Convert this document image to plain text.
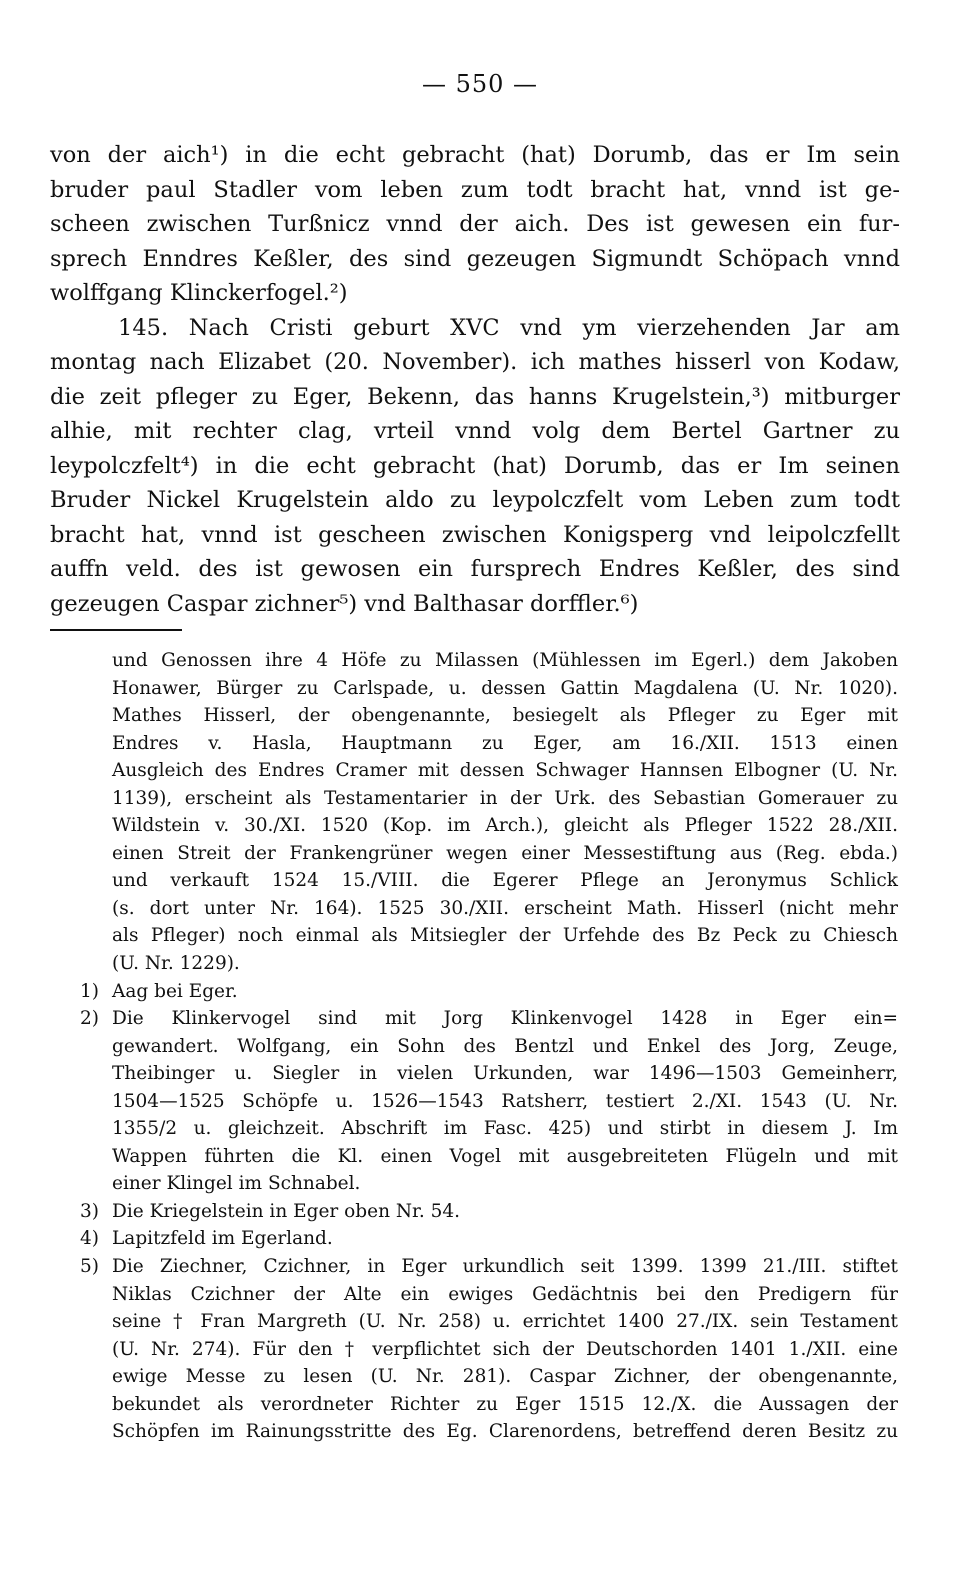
— 550 —
von der aich¹) in die echt gebracht (hat) Dorumb, das er Im sein
bruder paul Stadler vom leben zum todt bracht hat, vnnd ist ge-
scheen zwischen Turßnicz vnnd der aich. Des ist gewesen ein fur-
sprech Enndres Keßler, des sind gezeugen Sigmundt Schöpach vnnd
wolffgang Klinckerfogel.²)
145. Nach Cristi geburt XVC vnd ym vierzehenden Jar am
montag nach Elizabet (20. November). ich mathes hisserl von Kodaw,
die zeit pfleger zu Eger, Bekenn, das hanns Krugelstein,³) mitburger
alhie, mit rechter clag, vrteil vnnd volg dem Bertel Gartner zu
leypolczfelt⁴) in die echt gebracht (hat) Dorumb, das er Im seinen
Bruder Nickel Krugelstein aldo zu leypolczfelt vom Leben zum todt
bracht hat, vnnd ist gescheen zwischen Konigsperg vnd leipolczfellt
auffn veld. des ist gewosen ein fursprech Endres Keßler, des sind
gezeugen Caspar zichner⁵) vnd Balthasar dorffler.⁶)
und Genossen ihre 4 Höfe zu Milassen (Mühlessen im Egerl.) dem Jakoben
Honawer, Bürger zu Carlspade, u. dessen Gattin Magdalena (U. Nr. 1020).
Mathes Hisserl, der obengenannte, besiegelt als Pfleger zu Eger mit
Endres v. Hasla, Hauptmann zu Eger, am 16./XII. 1513 einen
Ausgleich des Endres Cramer mit dessen Schwager Hannsen Elbogner (U. Nr.
1139), erscheint als Testamentarier in der Urk. des Sebastian Gomerauer zu
Wildstein v. 30./XI. 1520 (Kop. im Arch.), gleicht als Pfleger 1522 28./XII.
einen Streit der Frankengrüner wegen einer Messestiftung aus (Reg. ebda.)
und verkauft 1524 15./VIII. die Egerer Pflege an Jeronymus Schlick
(s. dort unter Nr. 164). 1525 30./XII. erscheint Math. Hisserl (nicht mehr
als Pfleger) noch einmal als Mitsiegler der Urfehde des Bz Peck zu Chiesch
(U. Nr. 1229).
1) Aag bei Eger.
2) Die Klinkervogel sind mit Jorg Klinkenvogel 1428 in Eger ein=
gewandert. Wolfgang, ein Sohn des Bentzl und Enkel des Jorg, Zeuge,
Theibinger u. Siegler in vielen Urkunden, war 1496—1503 Gemeinherr,
1504—1525 Schöpfe u. 1526—1543 Ratsherr, testiert 2./XI. 1543 (U. Nr.
1355/2 u. gleichzeit. Abschrift im Fasc. 425) und stirbt in diesem J. Im
Wappen führten die Kl. einen Vogel mit ausgebreiteten Flügeln und mit
einer Klingel im Schnabel.
3) Die Kriegelstein in Eger oben Nr. 54.
4) Lapitzfeld im Egerland.
5) Die Ziechner, Czichner, in Eger urkundlich seit 1399. 1399 21./III. stiftet
Niklas Czichner der Alte ein ewiges Gedächtnis bei den Predigern für
seine † Fran Margreth (U. Nr. 258) u. errichtet 1400 27./IX. sein Testament
(U. Nr. 274). Für den † verpflichtet sich der Deutschorden 1401 1./XII. eine
ewige Messe zu lesen (U. Nr. 281). Caspar Zichner, der obengenannte,
bekundet als verordneter Richter zu Eger 1515 12./X. die Aussagen der
Schöpfen im Rainungsstritte des Eg. Clarenordens, betreffend deren Besitz zu
